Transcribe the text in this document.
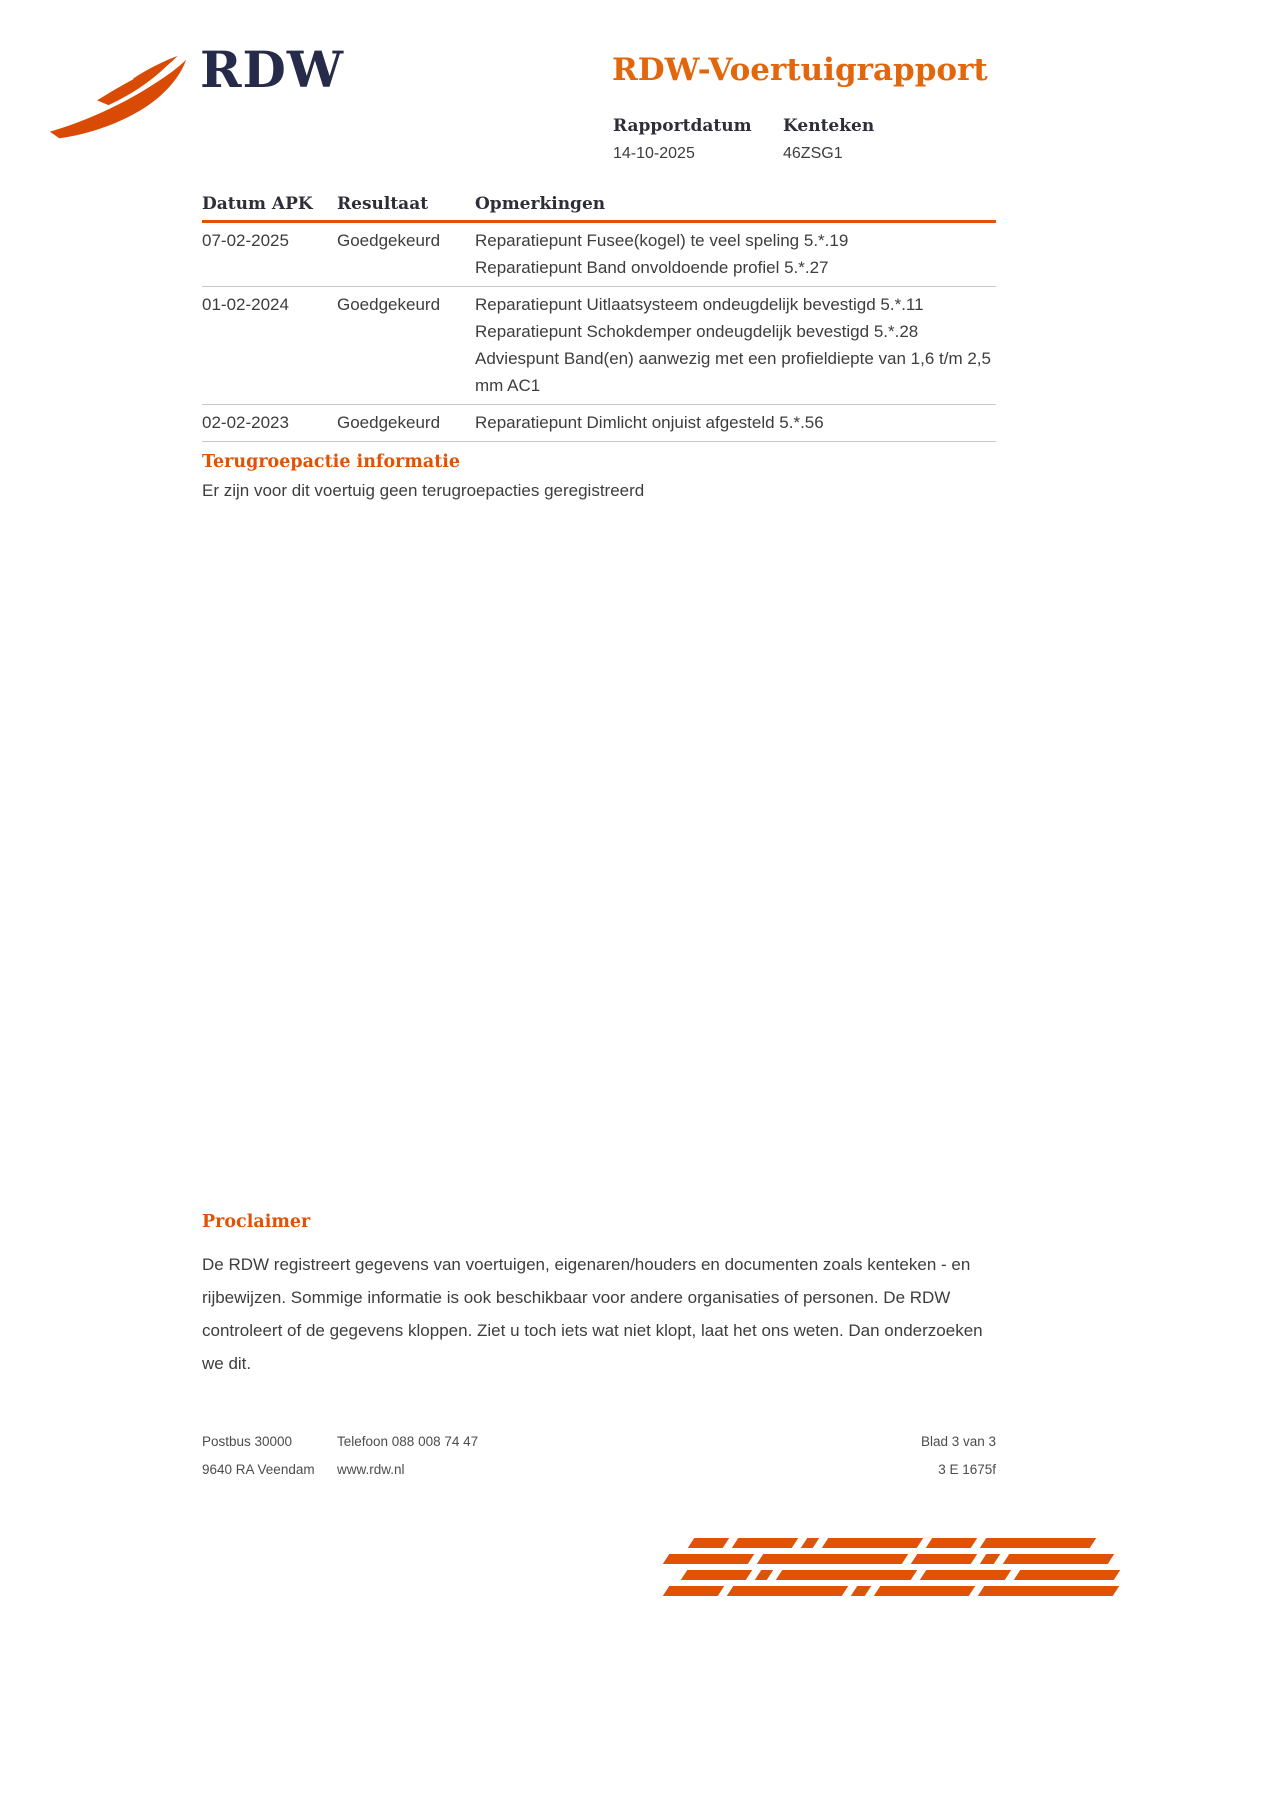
RDW	RDW-Voertuigrapport
Rapportdatum
14-10-2025
Kenteken
46ZSG1
Datum APK	Resultaat	Opmerkingen
07-02-2025	Goedgekeurd	Reparatiepunt Fusee(kogel) te veel speling 5.*.19
Reparatiepunt Band onvoldoende profiel 5.*.27
01-02-2024	Goedgekeurd	Reparatiepunt Uitlaatsysteem ondeugdelijk bevestigd 5.*.11
Reparatiepunt Schokdemper ondeugdelijk bevestigd 5.*.28
Adviespunt Band(en) aanwezig met een profieldiepte van 1,6 t/m 2,5 mm AC1
02-02-2023	Goedgekeurd	Reparatiepunt Dimlicht onjuist afgesteld 5.*.56
Terugroepactie informatie

Er zijn voor dit voertuig geen terugroepacties geregistreerd

Proclaimer

De RDW registreert gegevens van voertuigen, eigenaren/houders en documenten zoals kenteken - en rijbewijzen. Sommige informatie is ook beschikbaar voor andere organisaties of personen. De RDW controleert of de gegevens kloppen. Ziet u toch iets wat niet klopt, laat het ons weten. Dan onderzoeken we dit.

Postbus 30000
9640 RA Veendam
Telefoon 088 008 74 47
www.rdw.nl
Blad 3 van 3
3 E 1675f
